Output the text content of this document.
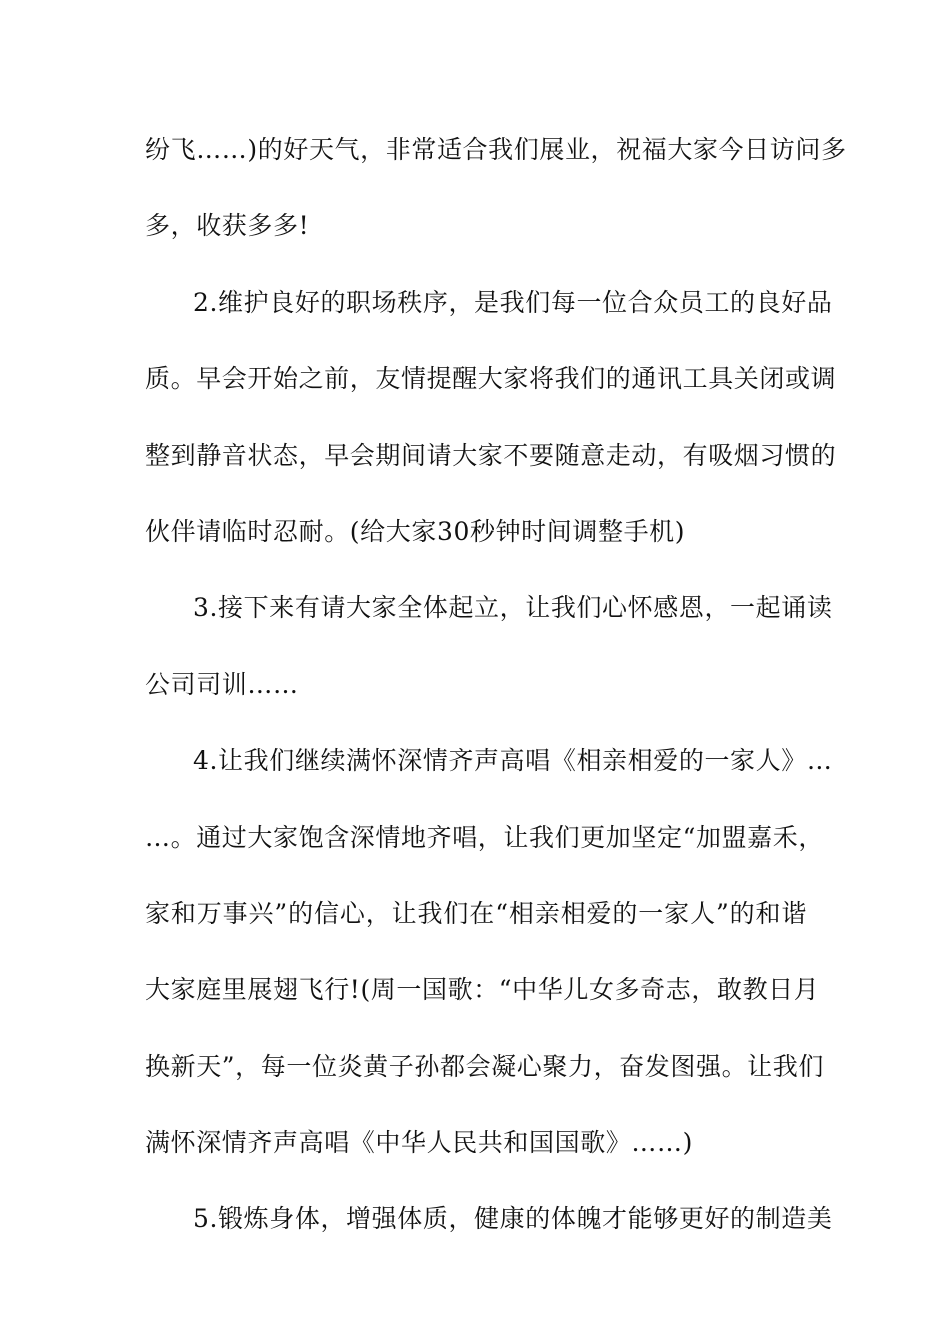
纷飞……)的好天气，非常适合我们展业，祝福大家今日访问多
多，收获多多!
2.维护良好的职场秩序，是我们每一位合众员工的良好品
质。早会开始之前，友情提醒大家将我们的通讯工具关闭或调
整到静音状态，早会期间请大家不要随意走动，有吸烟习惯的
伙伴请临时忍耐。(给大家30秒钟时间调整手机)
3.接下来有请大家全体起立，让我们心怀感恩，一起诵读
公司司训……
4.让我们继续满怀深情齐声高唱《相亲相爱的一家人》…
…。通过大家饱含深情地齐唱，让我们更加坚定“加盟嘉禾，
家和万事兴”的信心，让我们在“相亲相爱的一家人”的和谐
大家庭里展翅飞行!(周一国歌：“中华儿女多奇志，敢教日月
换新天”，每一位炎黄子孙都会凝心聚力，奋发图强。让我们
满怀深情齐声高唱《中华人民共和国国歌》……)
5.锻炼身体，增强体质，健康的体魄才能够更好的制造美
